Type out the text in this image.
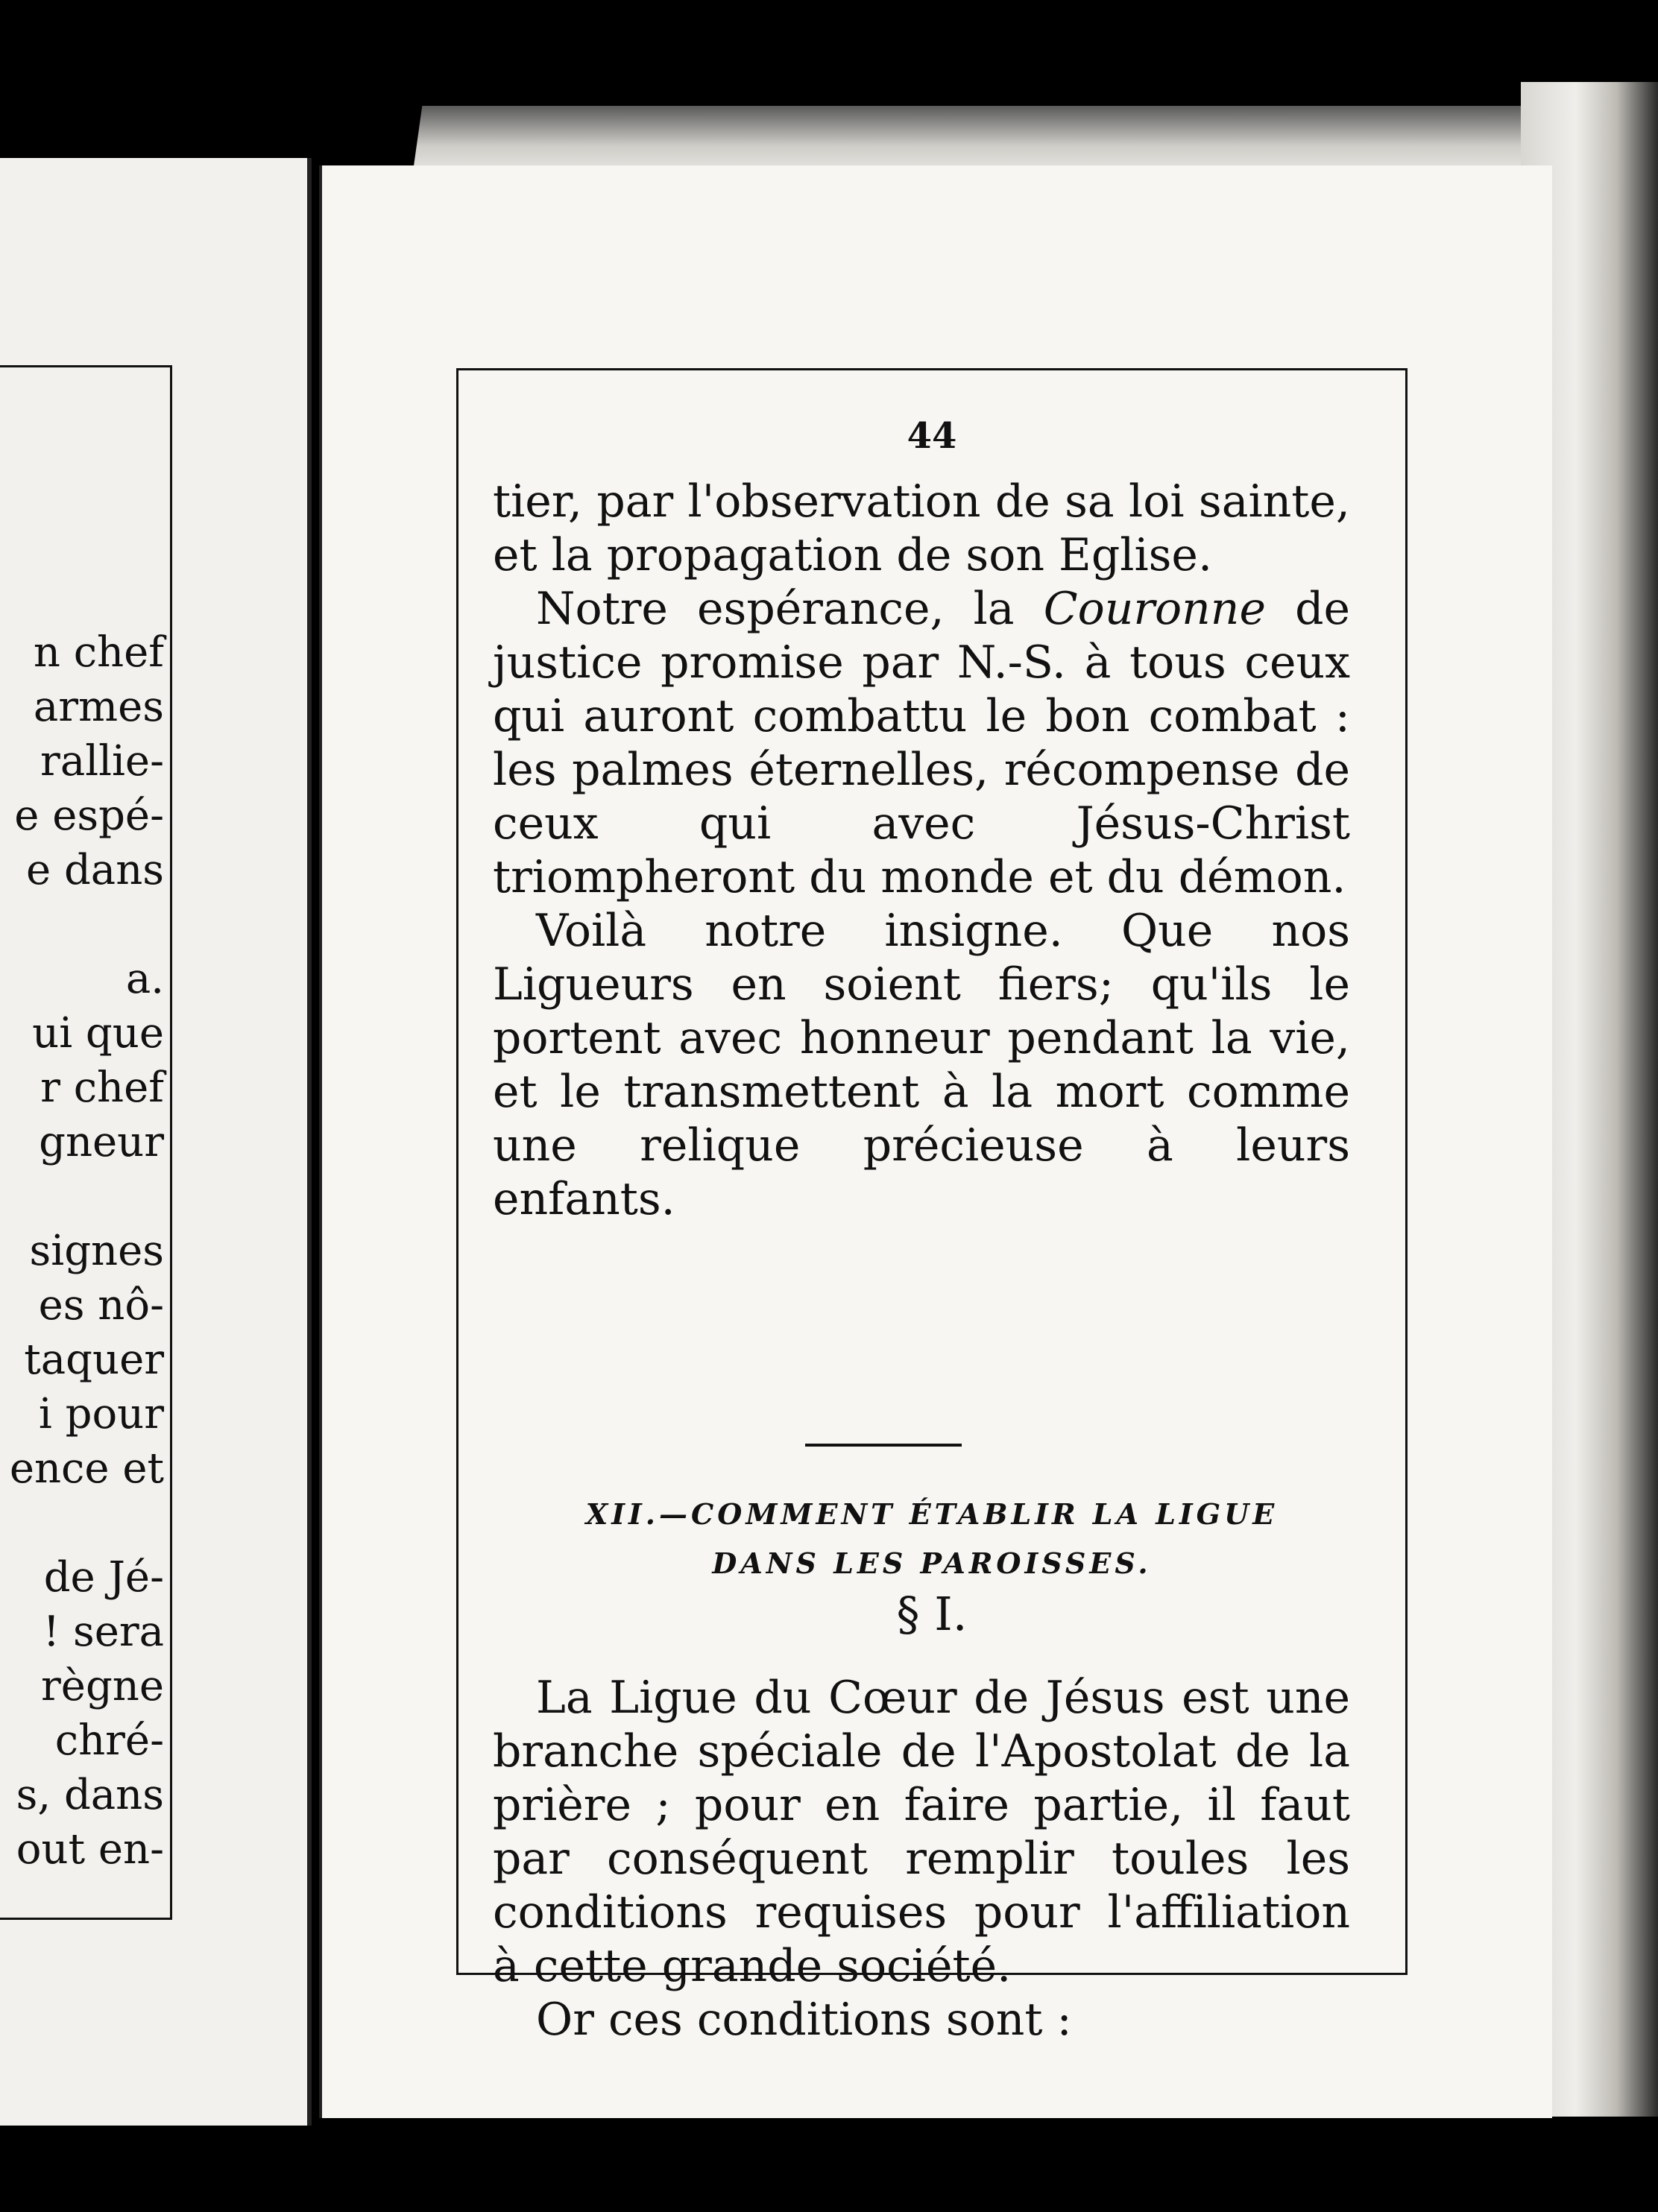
n chef
armes
rallie-
e espé-
e dans
a.
ui que
r chef
gneur
signes
es nô-
taquer
i pour
ence et
de Jé-
! sera
règne
chré-
s, dans
out en-
44

tier, par l'observation de sa loi sainte, et la propagation de son Eglise.

Notre espérance, la Couronne de justice promise par N.-S. à tous ceux qui auront combattu le bon combat : les palmes éternelles, récompense de ceux qui avec Jésus-Christ triompheront du monde et du démon.

Voilà notre insigne. Que nos Ligueurs en soient fiers; qu'ils le portent avec honneur pendant la vie, et le transmettent à la mort comme une relique précieuse à leurs enfants.

XII.—COMMENT ÉTABLIR LA LIGUE
DANS LES PAROISSES.
§ I.

La Ligue du Cœur de Jésus est une branche spéciale de l'Apostolat de la prière ; pour en faire partie, il faut par conséquent remplir toules les conditions requises pour l'affiliation à cette grande société.

Or ces conditions sont :
